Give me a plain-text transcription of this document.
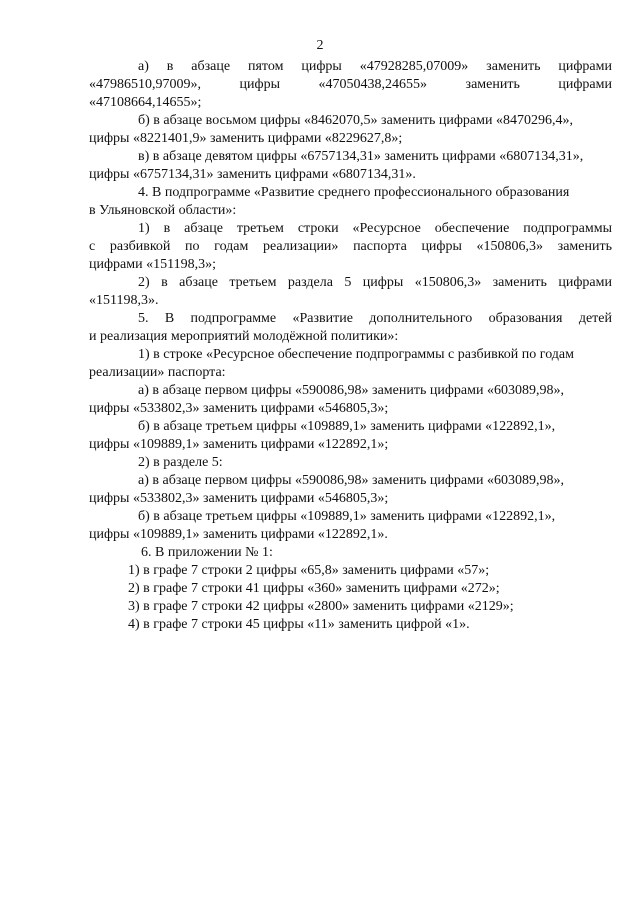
2
а) в абзаце пятом цифры «47928285,07009» заменить цифрами
«47986510,97009», цифры «47050438,24655» заменить цифрами
«47108664,14655»;
б) в абзаце восьмом цифры «8462070,5» заменить цифрами «8470296,4»,
цифры «8221401,9» заменить цифрами «8229627,8»;
в) в абзаце девятом цифры «6757134,31» заменить цифрами «6807134,31»,
цифры «6757134,31» заменить цифрами «6807134,31».
4. В подпрограмме «Развитие среднего профессионального образования
в Ульяновской области»:
1) в абзаце третьем строки «Ресурсное обеспечение подпрограммы
с разбивкой по годам реализации» паспорта цифры «150806,3» заменить
цифрами «151198,3»;
2) в абзаце третьем раздела 5 цифры «150806,3» заменить цифрами
«151198,3».
5. В подпрограмме «Развитие дополнительного образования детей
и реализация мероприятий молодёжной политики»:
1) в строке «Ресурсное обеспечение подпрограммы с разбивкой по годам
реализации» паспорта:
а) в абзаце первом цифры «590086,98» заменить цифрами «603089,98»,
цифры «533802,3» заменить цифрами «546805,3»;
б) в абзаце третьем цифры «109889,1» заменить цифрами «122892,1»,
цифры «109889,1» заменить цифрами «122892,1»;
2) в разделе 5:
а) в абзаце первом цифры «590086,98» заменить цифрами «603089,98»,
цифры «533802,3» заменить цифрами «546805,3»;
б) в абзаце третьем цифры «109889,1» заменить цифрами «122892,1»,
цифры «109889,1» заменить цифрами «122892,1».
6. В приложении № 1:
1) в графе 7 строки 2 цифры «65,8» заменить цифрами «57»;
2) в графе 7 строки 41 цифры «360» заменить цифрами «272»;
3) в графе 7 строки 42 цифры «2800» заменить цифрами «2129»;
4) в графе 7 строки 45 цифры «11» заменить цифрой «1».
